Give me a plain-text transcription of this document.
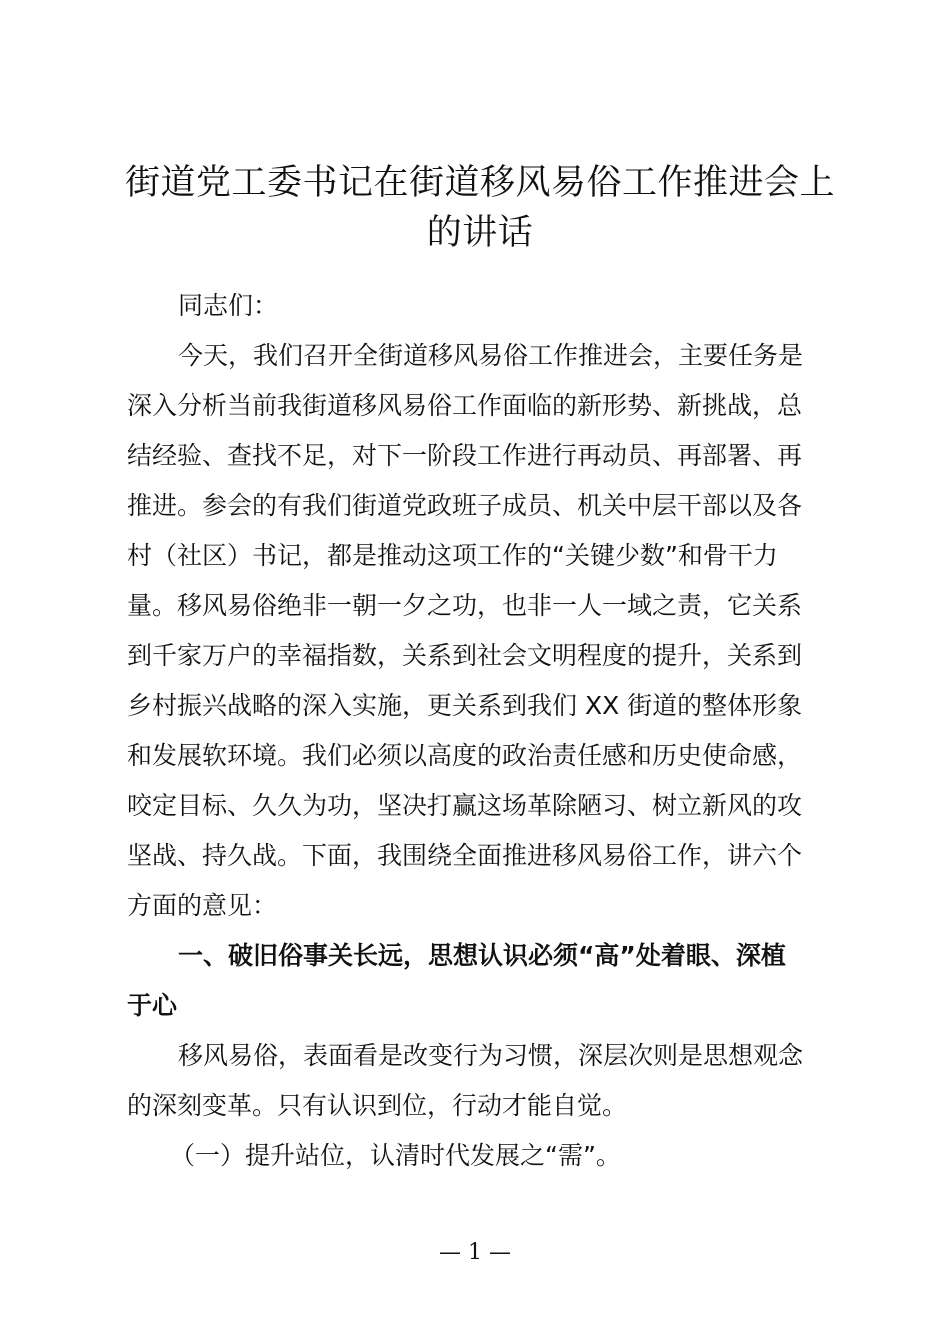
街道党工委书记在街道移风易俗工作推进会上
的讲话
同志们：
今天，我们召开全街道移风易俗工作推进会，主要任务是
深入分析当前我街道移风易俗工作面临的新形势、新挑战，总
结经验、查找不足，对下一阶段工作进行再动员、再部署、再
推进。参会的有我们街道党政班子成员、机关中层干部以及各
村（社区）书记，都是推动这项工作的“关键少数”和骨干力
量。移风易俗绝非一朝一夕之功，也非一人一域之责，它关系
到千家万户的幸福指数，关系到社会文明程度的提升，关系到
乡村振兴战略的深入实施，更关系到我们 XX 街道的整体形象
和发展软环境。我们必须以高度的政治责任感和历史使命感，
咬定目标、久久为功，坚决打赢这场革除陋习、树立新风的攻
坚战、持久战。下面，我围绕全面推进移风易俗工作，讲六个
方面的意见：
一、破旧俗事关长远，思想认识必须“高”处着眼、深植
于心
移风易俗，表面看是改变行为习惯，深层次则是思想观念
的深刻变革。只有认识到位，行动才能自觉。
（一）提升站位，认清时代发展之“需”。
— 1 —
